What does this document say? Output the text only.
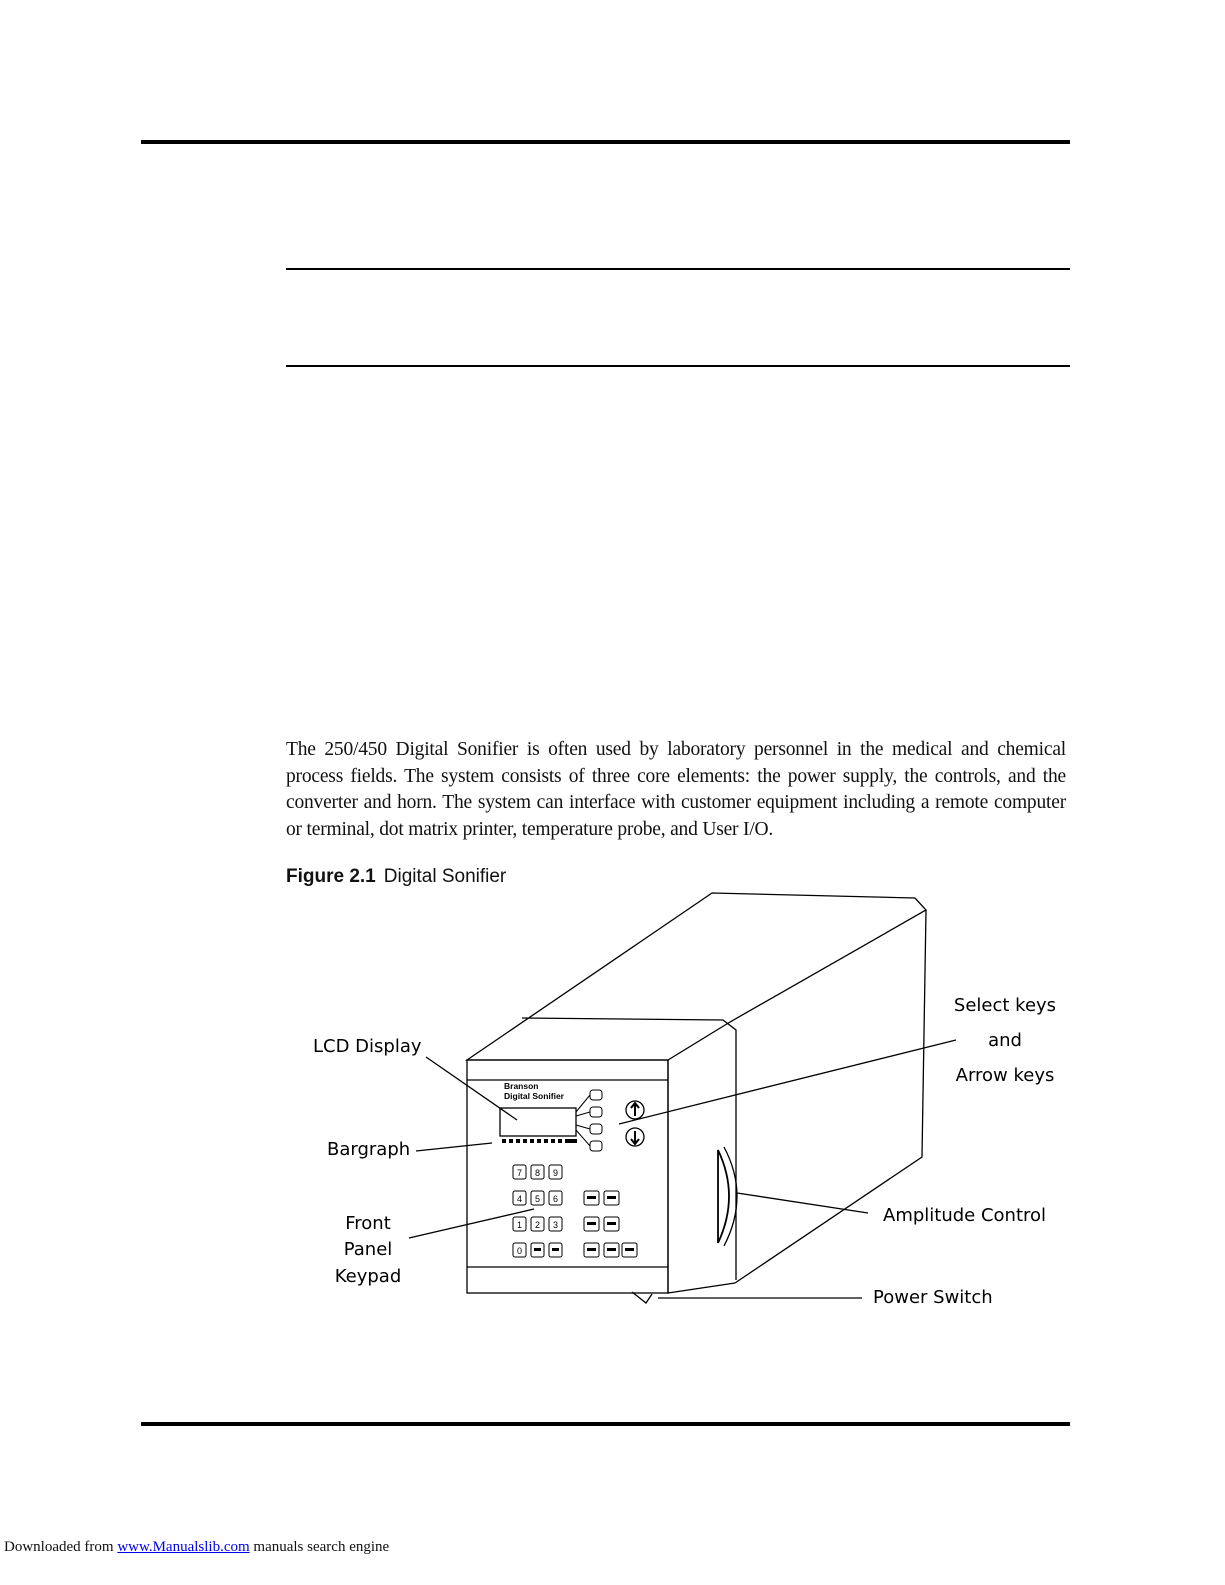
The 250/450 Digital Sonifier is often used by laboratory personnel in the medical and chemical process fields. The system consists of three core elements: the power supply, the controls, and the converter and horn. The system can interface with customer equipment including a remote computer or terminal, dot matrix printer, temperature probe, and User I/O.

Figure 2.1 Digital Sonifier
Branson
Digital Sonifier
7 8 9
4 5 6
1 2 3
0
LCD Display
Bargraph
Front
Panel
Keypad
Select keys
and
Arrow keys
Amplitude Control
Power Switch
Downloaded from www.Manualslib.com manuals search engine
